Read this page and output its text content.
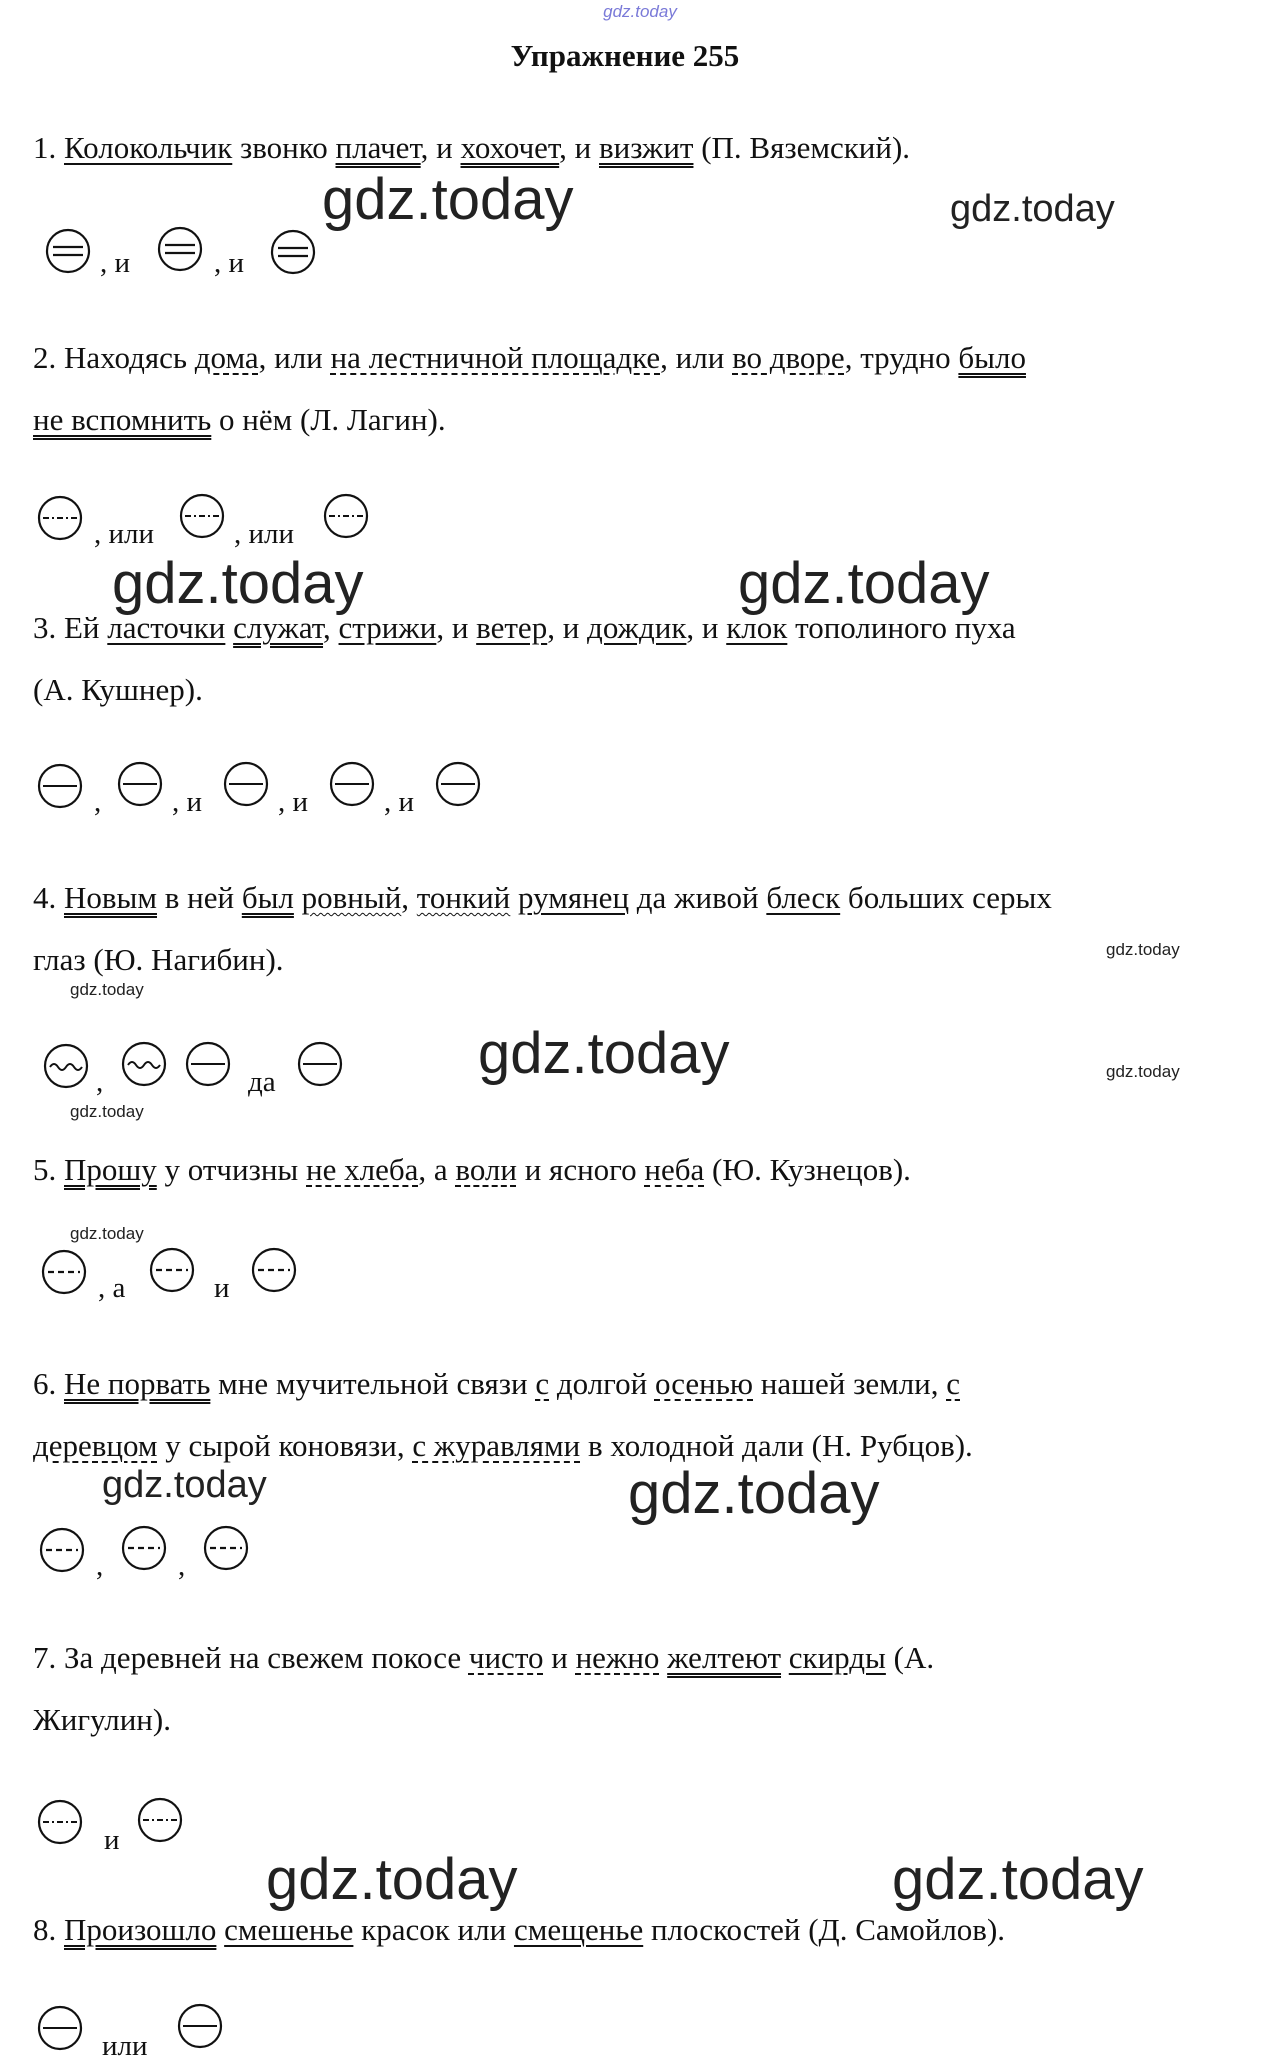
gdz.today
Упражнение 255
1. Колокольчик звонко плачет, и хохочет, и визжит (П. Вяземский).
, и	, и
2. Находясь дома, или на лестничной площадке, или во дворе, трудно было
не вспомнить о нём (Л. Лагин).
, или	, или
3. Ей ласточки служат, стрижи, и ветер, и дождик, и клок тополиного пуха
(А. Кушнер).
, , и	, и	, и
4. Новым в ней был ровный, тонкий румянец да живой блеск больших серых
глаз (Ю. Нагибин).
,	да
5. Прошу у отчизны не хлеба, а воли и ясного неба (Ю. Кузнецов).
, а	и
6. Не порвать мне мучительной связи с долгой осенью нашей земли, с
деревцом у сырой коновязи, с журавлями в холодной дали (Н. Рубцов).
,	,
7. За деревней на свежем покосе чисто и нежно желтеют скирды (А.
Жигулин).
и
8. Произошло смешенье красок или смещенье плоскостей (Д. Самойлов).
или
gdz.today	gdz.today
gdz.today	gdz.today
gdz.today
gdz.today
gdz.today	gdz.today
gdz.today
gdz.today
gdz.today	gdz.today
gdz.today	gdz.today
